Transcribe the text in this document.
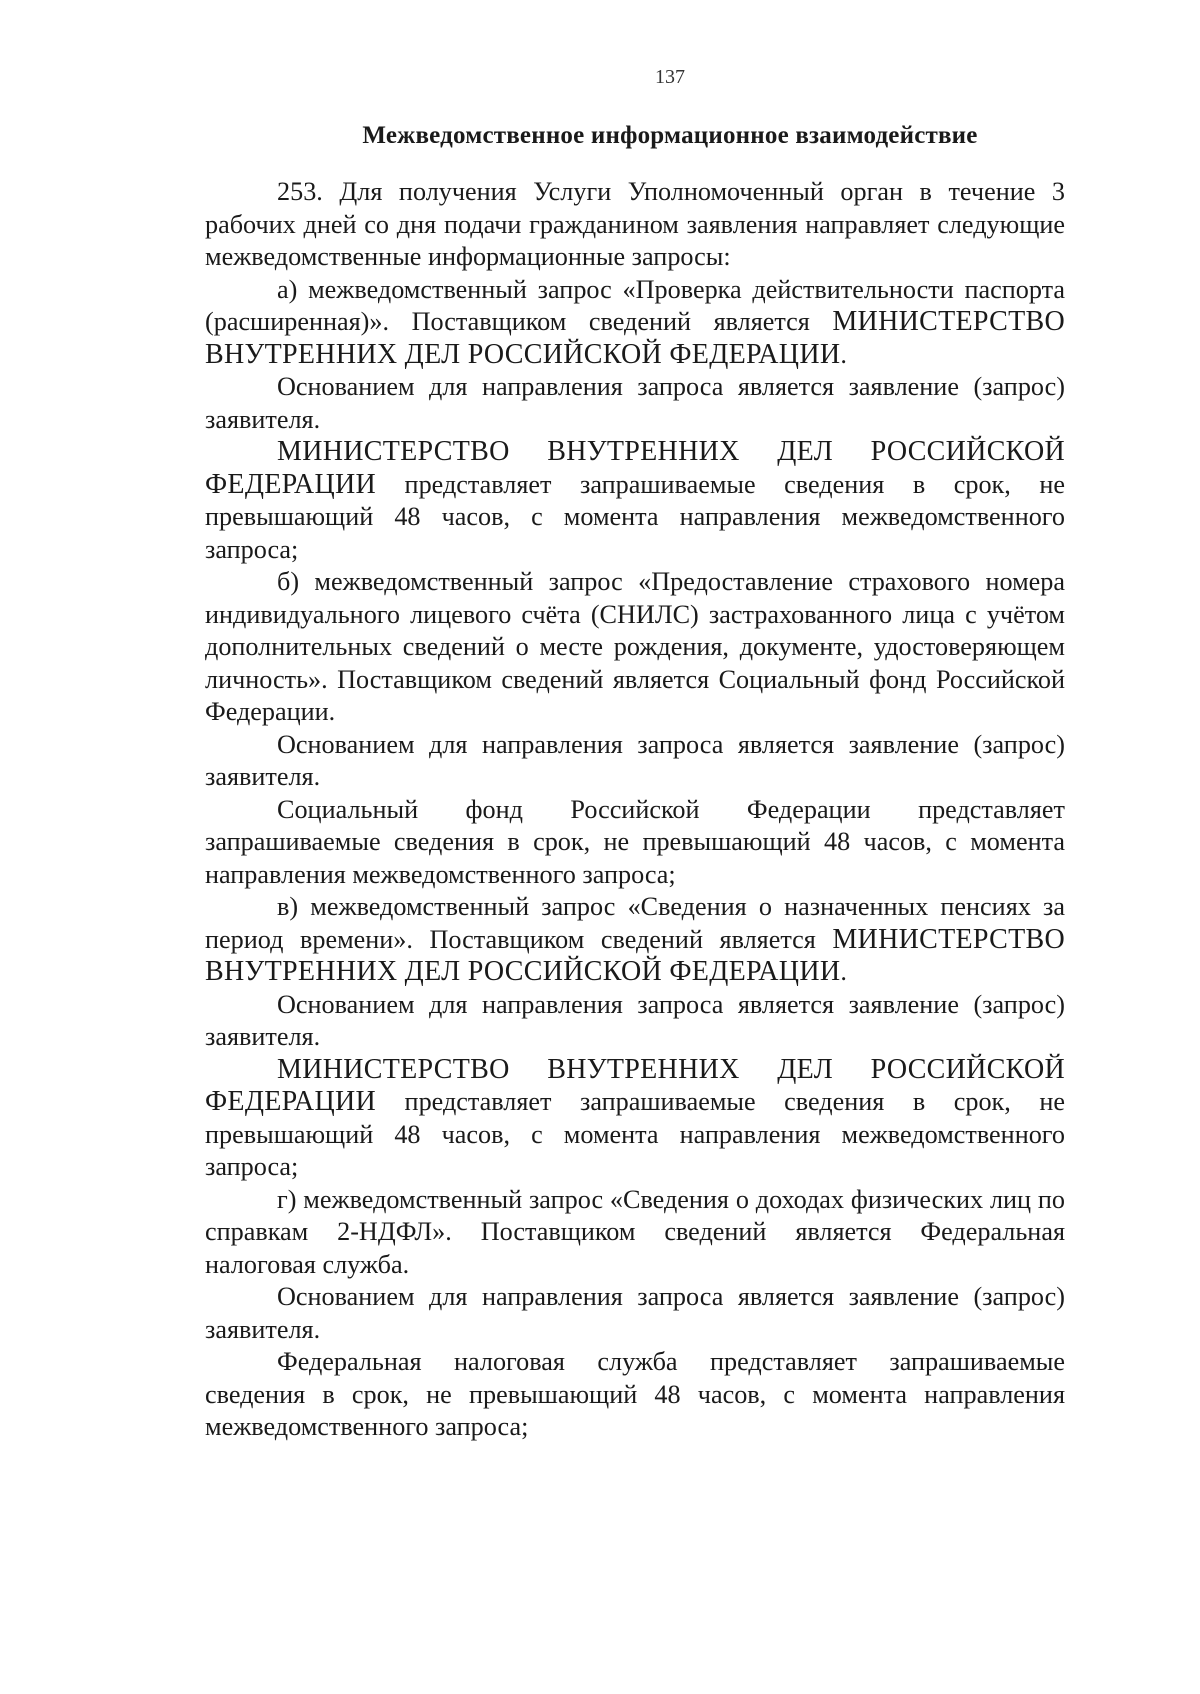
137
Межведомственное информационное взаимодействие

253. Для получения Услуги Уполномоченный орган в течение 3 рабочих дней со дня подачи гражданином заявления направляет следующие межведомственные информационные запросы:

а) межведомственный запрос «Проверка действительности паспорта (расширенная)». Поставщиком сведений является МИНИСТЕРСТВО ВНУТРЕННИХ ДЕЛ РОССИЙСКОЙ ФЕДЕРАЦИИ.

Основанием для направления запроса является заявление (запрос) заявителя.

МИНИСТЕРСТВО ВНУТРЕННИХ ДЕЛ РОССИЙСКОЙ ФЕДЕРАЦИИ представляет запрашиваемые сведения в срок, не превышающий 48 часов, с момента направления межведомственного запроса;

б) межведомственный запрос «Предоставление страхового номера индивидуального лицевого счёта (СНИЛС) застрахованного лица с учётом дополнительных сведений о месте рождения, документе, удостоверяющем личность». Поставщиком сведений является Социальный фонд Российской Федерации.

Основанием для направления запроса является заявление (запрос) заявителя.

Социальный фонд Российской Федерации представляет запрашиваемые сведения в срок, не превышающий 48 часов, с момента направления межведомственного запроса;

в) межведомственный запрос «Сведения о назначенных пенсиях за период времени». Поставщиком сведений является МИНИСТЕРСТВО ВНУТРЕННИХ ДЕЛ РОССИЙСКОЙ ФЕДЕРАЦИИ.

Основанием для направления запроса является заявление (запрос) заявителя.

МИНИСТЕРСТВО ВНУТРЕННИХ ДЕЛ РОССИЙСКОЙ ФЕДЕРАЦИИ представляет запрашиваемые сведения в срок, не превышающий 48 часов, с момента направления межведомственного запроса;

г) межведомственный запрос «Сведения о доходах физических лиц по справкам 2-НДФЛ». Поставщиком сведений является Федеральная налоговая служба.

Основанием для направления запроса является заявление (запрос) заявителя.

Федеральная налоговая служба представляет запрашиваемые сведения в срок, не превышающий 48 часов, с момента направления межведомственного запроса;
